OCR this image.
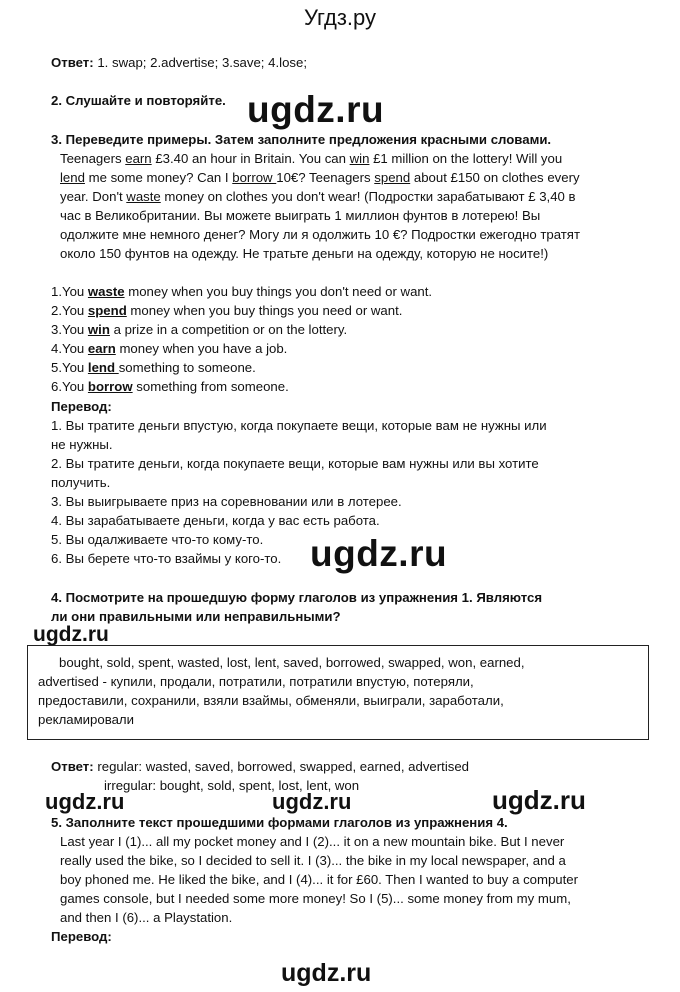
Угдз.ру
Ответ: 1. swap; 2.advertise; 3.save; 4.lose;
2. Слушайте и повторяйте. ugdz.ru
3. Переведите примеры. Затем заполните предложения красными словами.
Teenagers earn £3.40 an hour in Britain. You can win £1 million on the lottery! Will you
lend me some money? Can I borrow 10€? Teenagers spend about £150 on clothes every
year. Don't waste money on clothes you don't wear! (Подростки зарабатывают £ 3,40 в
час в Великобритании. Вы можете выиграть 1 миллион фунтов в лотерею! Вы
одолжите мне немного денег? Могу ли я одолжить 10 €? Подростки ежегодно тратят
около 150 фунтов на одежду. Не тратьте деньги на одежду, которую не носите!)
1.You waste money when you buy things you don't need or want.
2.You spend money when you buy things you need or want.
3.You win a prize in a competition or on the lottery.
4.You earn money when you have a job.
5.You lend something to someone.
6.You borrow something from someone.
Перевод:
1. Вы тратите деньги впустую, когда покупаете вещи, которые вам не нужны или
не нужны.
2. Вы тратите деньги, когда покупаете вещи, которые вам нужны или вы хотите
получить.
3. Вы выигрываете приз на соревновании или в лотерее.
4. Вы зарабатываете деньги, когда у вас есть работа.
5. Вы одалживаете что-то кому-то.
6. Вы берете что-то взаймы у кого-то. ugdz.ru
4. Посмотрите на прошедшую форму глаголов из упражнения 1. Являются
ли они правильными или неправильными?
ugdz.ru
bought, sold, spent, wasted, lost, lent, saved, borrowed, swapped, won, earned,
advertised - купили, продали, потратили, потратили впустую, потеряли,
предоставили, сохранили, взяли взаймы, обменяли, выиграли, заработали,
рекламировали
Ответ: regular: wasted, saved, borrowed, swapped, earned, advertised
irregular: bought, sold, spent, lost, lent, won
ugdz.ru	ugdz.ru	ugdz.ru
5. Заполните текст прошедшими формами глаголов из упражнения 4.
Last year I (1)... all my pocket money and I (2)... it on a new mountain bike. But I never
really used the bike, so I decided to sell it. I (3)... the bike in my local newspaper, and a
boy phoned me. He liked the bike, and I (4)... it for £60. Then I wanted to buy a computer
games console, but I needed some more money! So I (5)... some money from my mum,
and then I (6)... a Playstation.
Перевод:
ugdz.ru
